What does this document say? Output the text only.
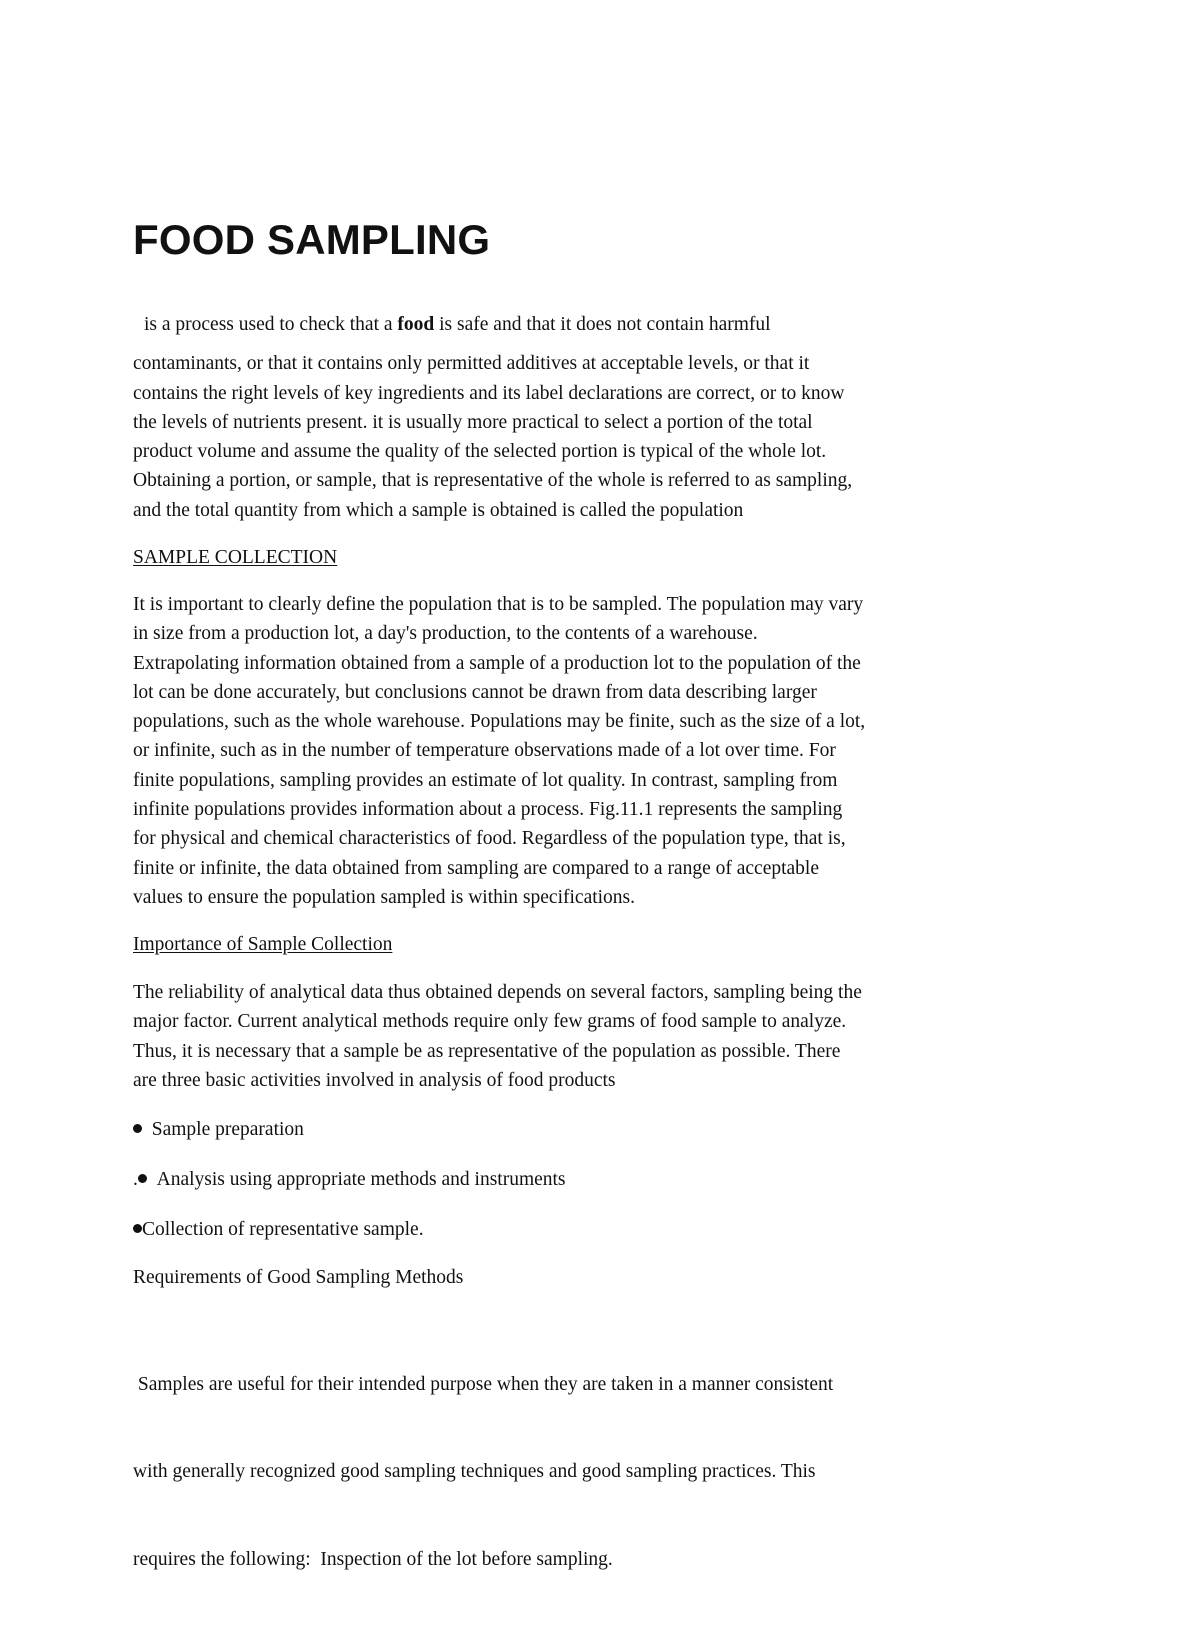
FOOD SAMPLING
is a process used to check that a food is safe and that it does not contain harmful
contaminants, or that it contains only permitted additives at acceptable levels, or that it
contains the right levels of key ingredients and its label declarations are correct, or to know
the levels of nutrients present. it is usually more practical to select a portion of the total
product volume and assume the quality of the selected portion is typical of the whole lot.
Obtaining a portion, or sample, that is representative of the whole is referred to as sampling,
and the total quantity from which a sample is obtained is called the population
SAMPLE COLLECTION
It is important to clearly define the population that is to be sampled. The population may vary
in size from a production lot, a day's production, to the contents of a warehouse.
Extrapolating information obtained from a sample of a production lot to the population of the
lot can be done accurately, but conclusions cannot be drawn from data describing larger
populations, such as the whole warehouse. Populations may be finite, such as the size of a lot,
or infinite, such as in the number of temperature observations made of a lot over time. For
finite populations, sampling provides an estimate of lot quality. In contrast, sampling from
infinite populations provides information about a process. Fig.11.1 represents the sampling
for physical and chemical characteristics of food. Regardless of the population type, that is,
finite or infinite, the data obtained from sampling are compared to a range of acceptable
values to ensure the population sampled is within specifications.
Importance of Sample Collection
The reliability of analytical data thus obtained depends on several factors, sampling being the
major factor. Current analytical methods require only few grams of food sample to analyze.
Thus, it is necessary that a sample be as representative of the population as possible. There
are three basic activities involved in analysis of food products

Sample preparation

. Analysis using appropriate methods and instruments

Collection of representative sample.

Requirements of Good Sampling Methods

Samples are useful for their intended purpose when they are taken in a manner consistent

with generally recognized good sampling techniques and good sampling practices. This

requires the following:  Inspection of the lot before sampling.
